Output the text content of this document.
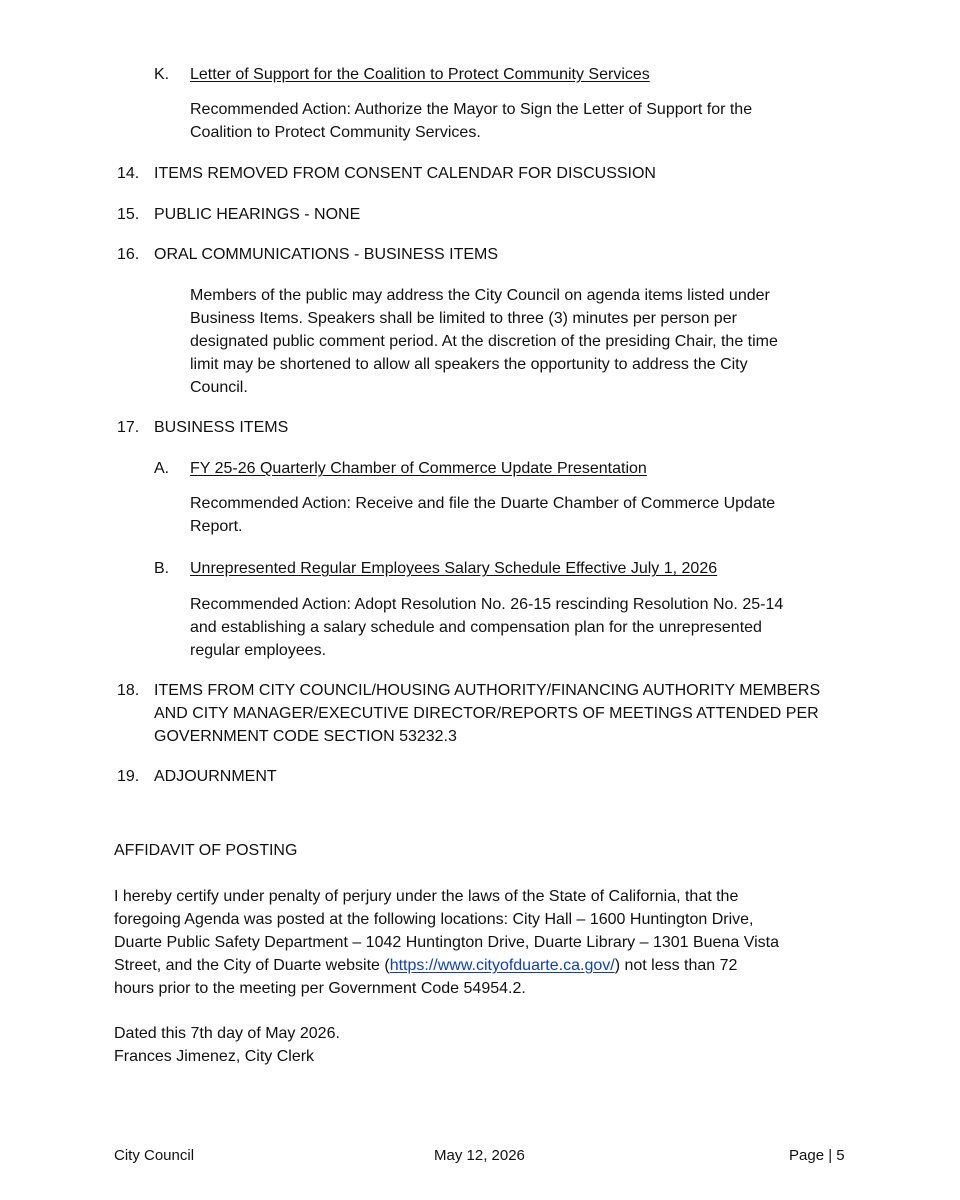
K. Letter of Support for the Coalition to Protect Community Services
Recommended Action: Authorize the Mayor to Sign the Letter of Support for the
Coalition to Protect Community Services.
14. ITEMS REMOVED FROM CONSENT CALENDAR FOR DISCUSSION
15. PUBLIC HEARINGS - NONE
16. ORAL COMMUNICATIONS - BUSINESS ITEMS
Members of the public may address the City Council on agenda items listed under
Business Items. Speakers shall be limited to three (3) minutes per person per
designated public comment period. At the discretion of the presiding Chair, the time
limit may be shortened to allow all speakers the opportunity to address the City
Council.
17. BUSINESS ITEMS
A. FY 25-26 Quarterly Chamber of Commerce Update Presentation
Recommended Action: Receive and file the Duarte Chamber of Commerce Update
Report.
B. Unrepresented Regular Employees Salary Schedule Effective July 1, 2026
Recommended Action: Adopt Resolution No. 26-15 rescinding Resolution No. 25-14
and establishing a salary schedule and compensation plan for the unrepresented
regular employees.
18. ITEMS FROM CITY COUNCIL/HOUSING AUTHORITY/FINANCING AUTHORITY MEMBERS
AND CITY MANAGER/EXECUTIVE DIRECTOR/REPORTS OF MEETINGS ATTENDED PER
GOVERNMENT CODE SECTION 53232.3
19. ADJOURNMENT
AFFIDAVIT OF POSTING
I hereby certify under penalty of perjury under the laws of the State of California, that the
foregoing Agenda was posted at the following locations: City Hall – 1600 Huntington Drive,
Duarte Public Safety Department – 1042 Huntington Drive, Duarte Library – 1301 Buena Vista
Street, and the City of Duarte website (https://www.cityofduarte.ca.gov/) not less than 72
hours prior to the meeting per Government Code 54954.2.
Dated this 7th day of May 2026.
Frances Jimenez, City Clerk
City Council	May 12, 2026	Page | 5
